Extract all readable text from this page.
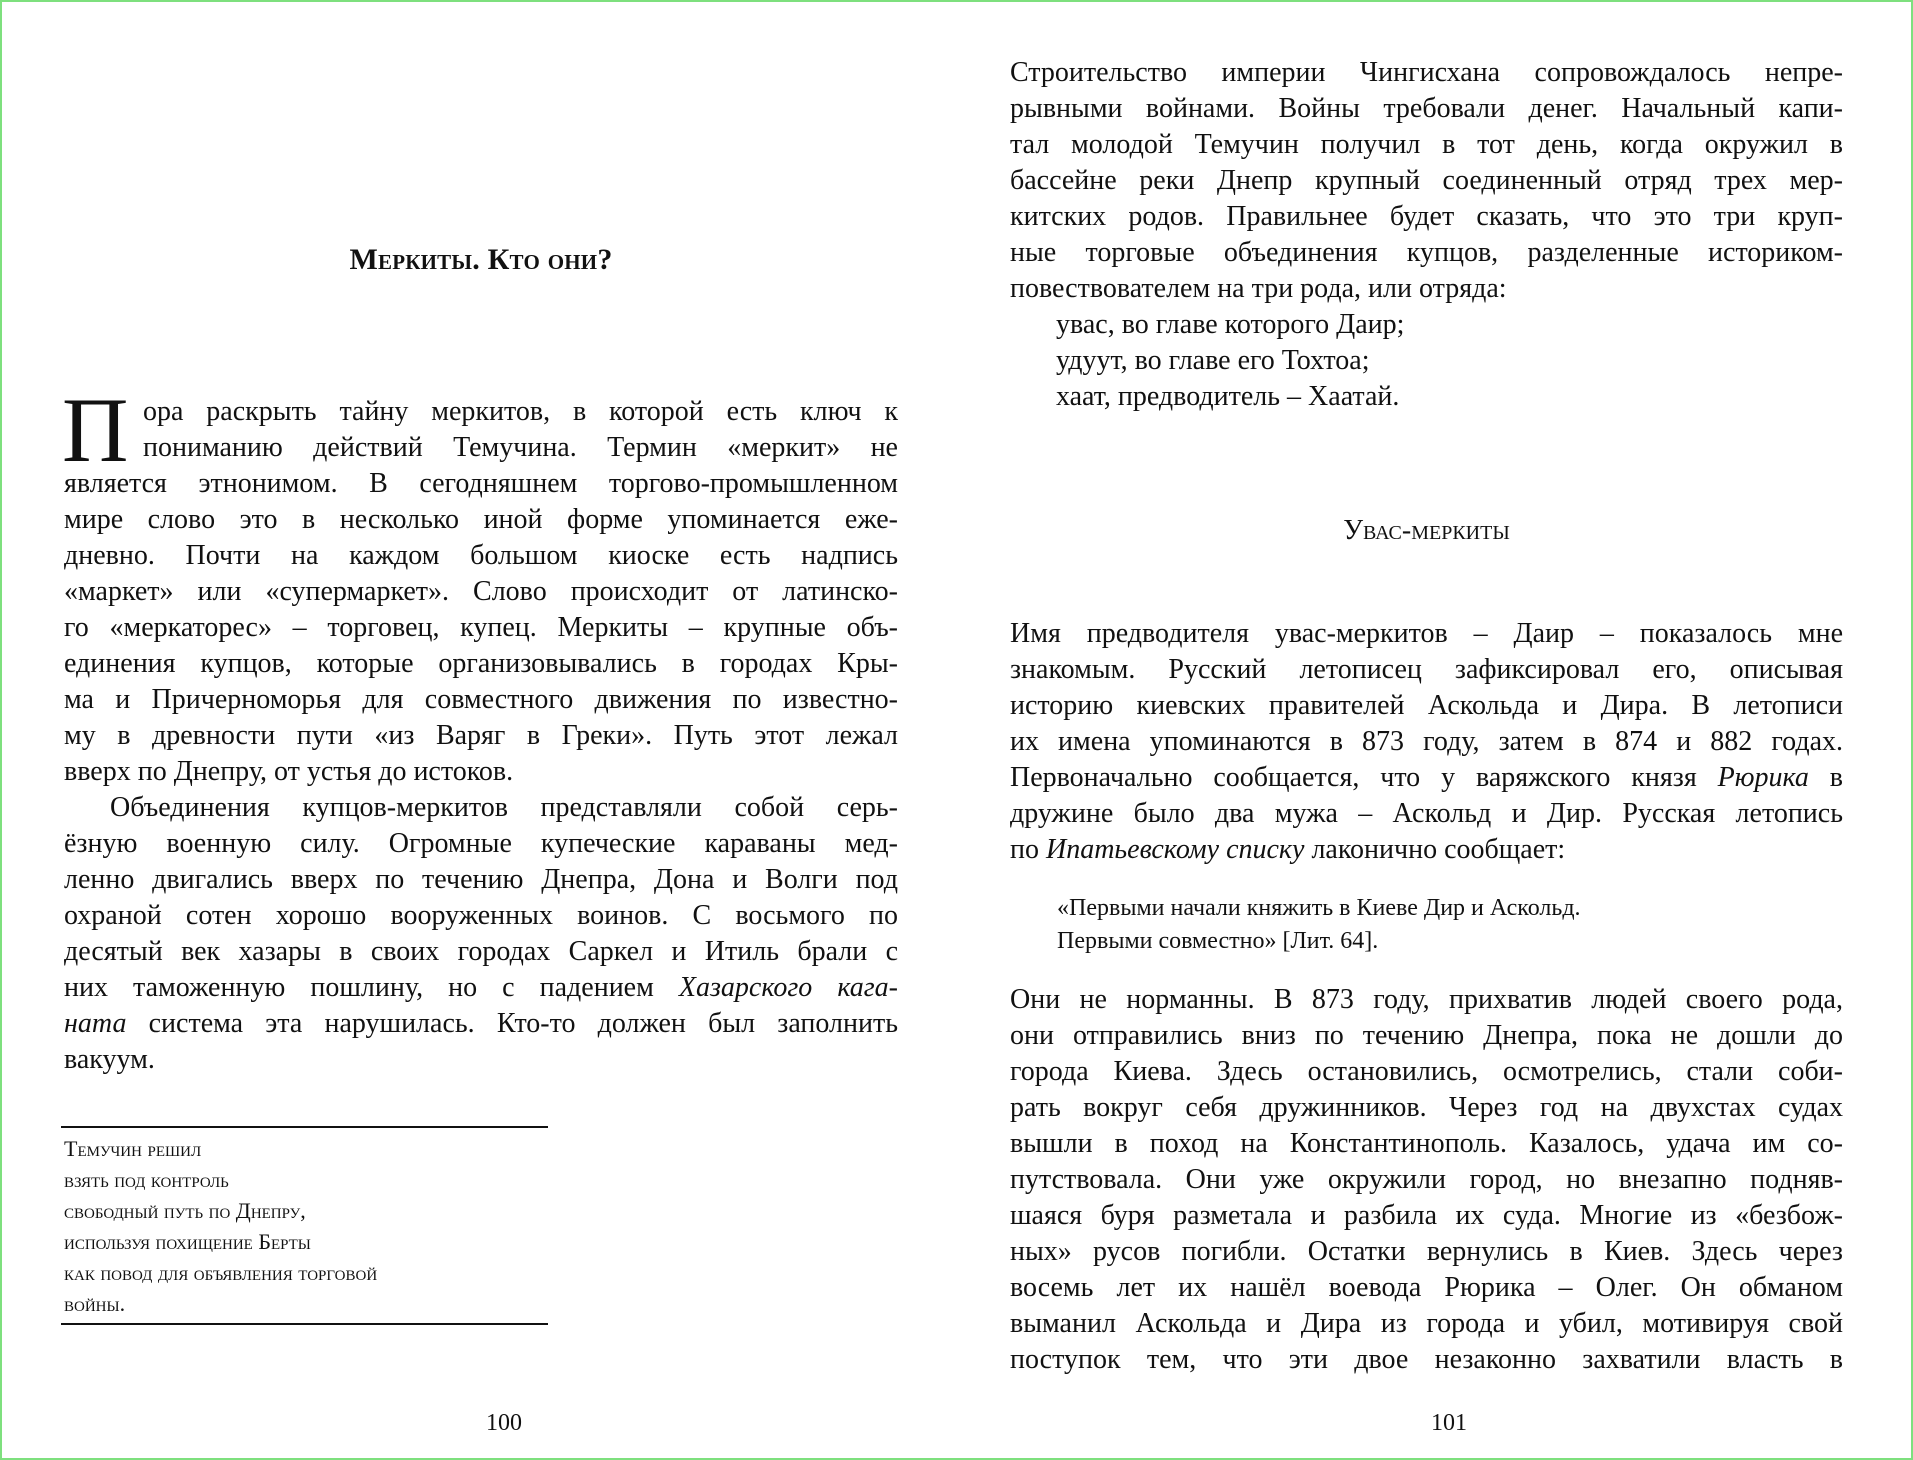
Меркиты. Кто они?
П ора раскрыть тайну меркитов, в которой есть ключ к
пониманию действий Темучина. Термин «меркит» не
является этнонимом. В сегодняшнем торгово-промышленном
мире слово это в несколько иной форме упоминается еже-
дневно. Почти на каждом большом киоске есть надпись
«маркет» или «супермаркет». Слово происходит от латинско-
го «меркаторес» – торговец, купец. Меркиты – крупные объ-
единения купцов, которые организовывались в городах Кры-
ма и Причерноморья для совместного движения по известно-
му в древности пути «из Варяг в Греки». Путь этот лежал
вверх по Днепру, от устья до истоков.
Объединения купцов-меркитов представляли собой серь-
ёзную военную силу. Огромные купеческие караваны мед-
ленно двигались вверх по течению Днепра, Дона и Волги под
охраной сотен хорошо вооруженных воинов. С восьмого по
десятый век хазары в своих городах Саркел и Итиль брали с
них таможенную пошлину, но с падением Хазарского кага-
ната система эта нарушилась. Кто-то должен был заполнить
вакуум.
Темучин решил
взять под контроль
свободный путь по Днепру,
используя похищение Берты
как повод для объявления торговой
войны.
100
Строительство империи Чингисхана сопровождалось непре-
рывными войнами. Войны требовали денег. Начальный капи-
тал молодой Темучин получил в тот день, когда окружил в
бассейне реки Днепр крупный соединенный отряд трех мер-
китских родов. Правильнее будет сказать, что это три круп-
ные торговые объединения купцов, разделенные историком-
повествователем на три рода, или отряда:
увас, во главе которого Даир;
удуут, во главе его Тохтоа;
хаат, предводитель – Хаатай.
Увас-меркиты
Имя предводителя увас-меркитов – Даир – показалось мне
знакомым. Русский летописец зафиксировал его, описывая
историю киевских правителей Аскольда и Дира. В летописи
их имена упоминаются в 873 году, затем в 874 и 882 годах.
Первоначально сообщается, что у варяжского князя Рюрика в
дружине было два мужа – Аскольд и Дир. Русская летопись
по Ипатьевскому списку лаконично сообщает:
«Первыми начали княжить в Киеве Дир и Аскольд.
Первыми совместно» [Лит. 64].
Они не норманны. В 873 году, прихватив людей своего рода,
они отправились вниз по течению Днепра, пока не дошли до
города Киева. Здесь остановились, осмотрелись, стали соби-
рать вокруг себя дружинников. Через год на двухстах судах
вышли в поход на Константинополь. Казалось, удача им со-
путствовала. Они уже окружили город, но внезапно подняв-
шаяся буря разметала и разбила их суда. Многие из «безбож-
ных» русов погибли. Остатки вернулись в Киев. Здесь через
восемь лет их нашёл воевода Рюрика – Олег. Он обманом
выманил Аскольда и Дира из города и убил, мотивируя свой
поступок тем, что эти двое незаконно захватили власть в
101
